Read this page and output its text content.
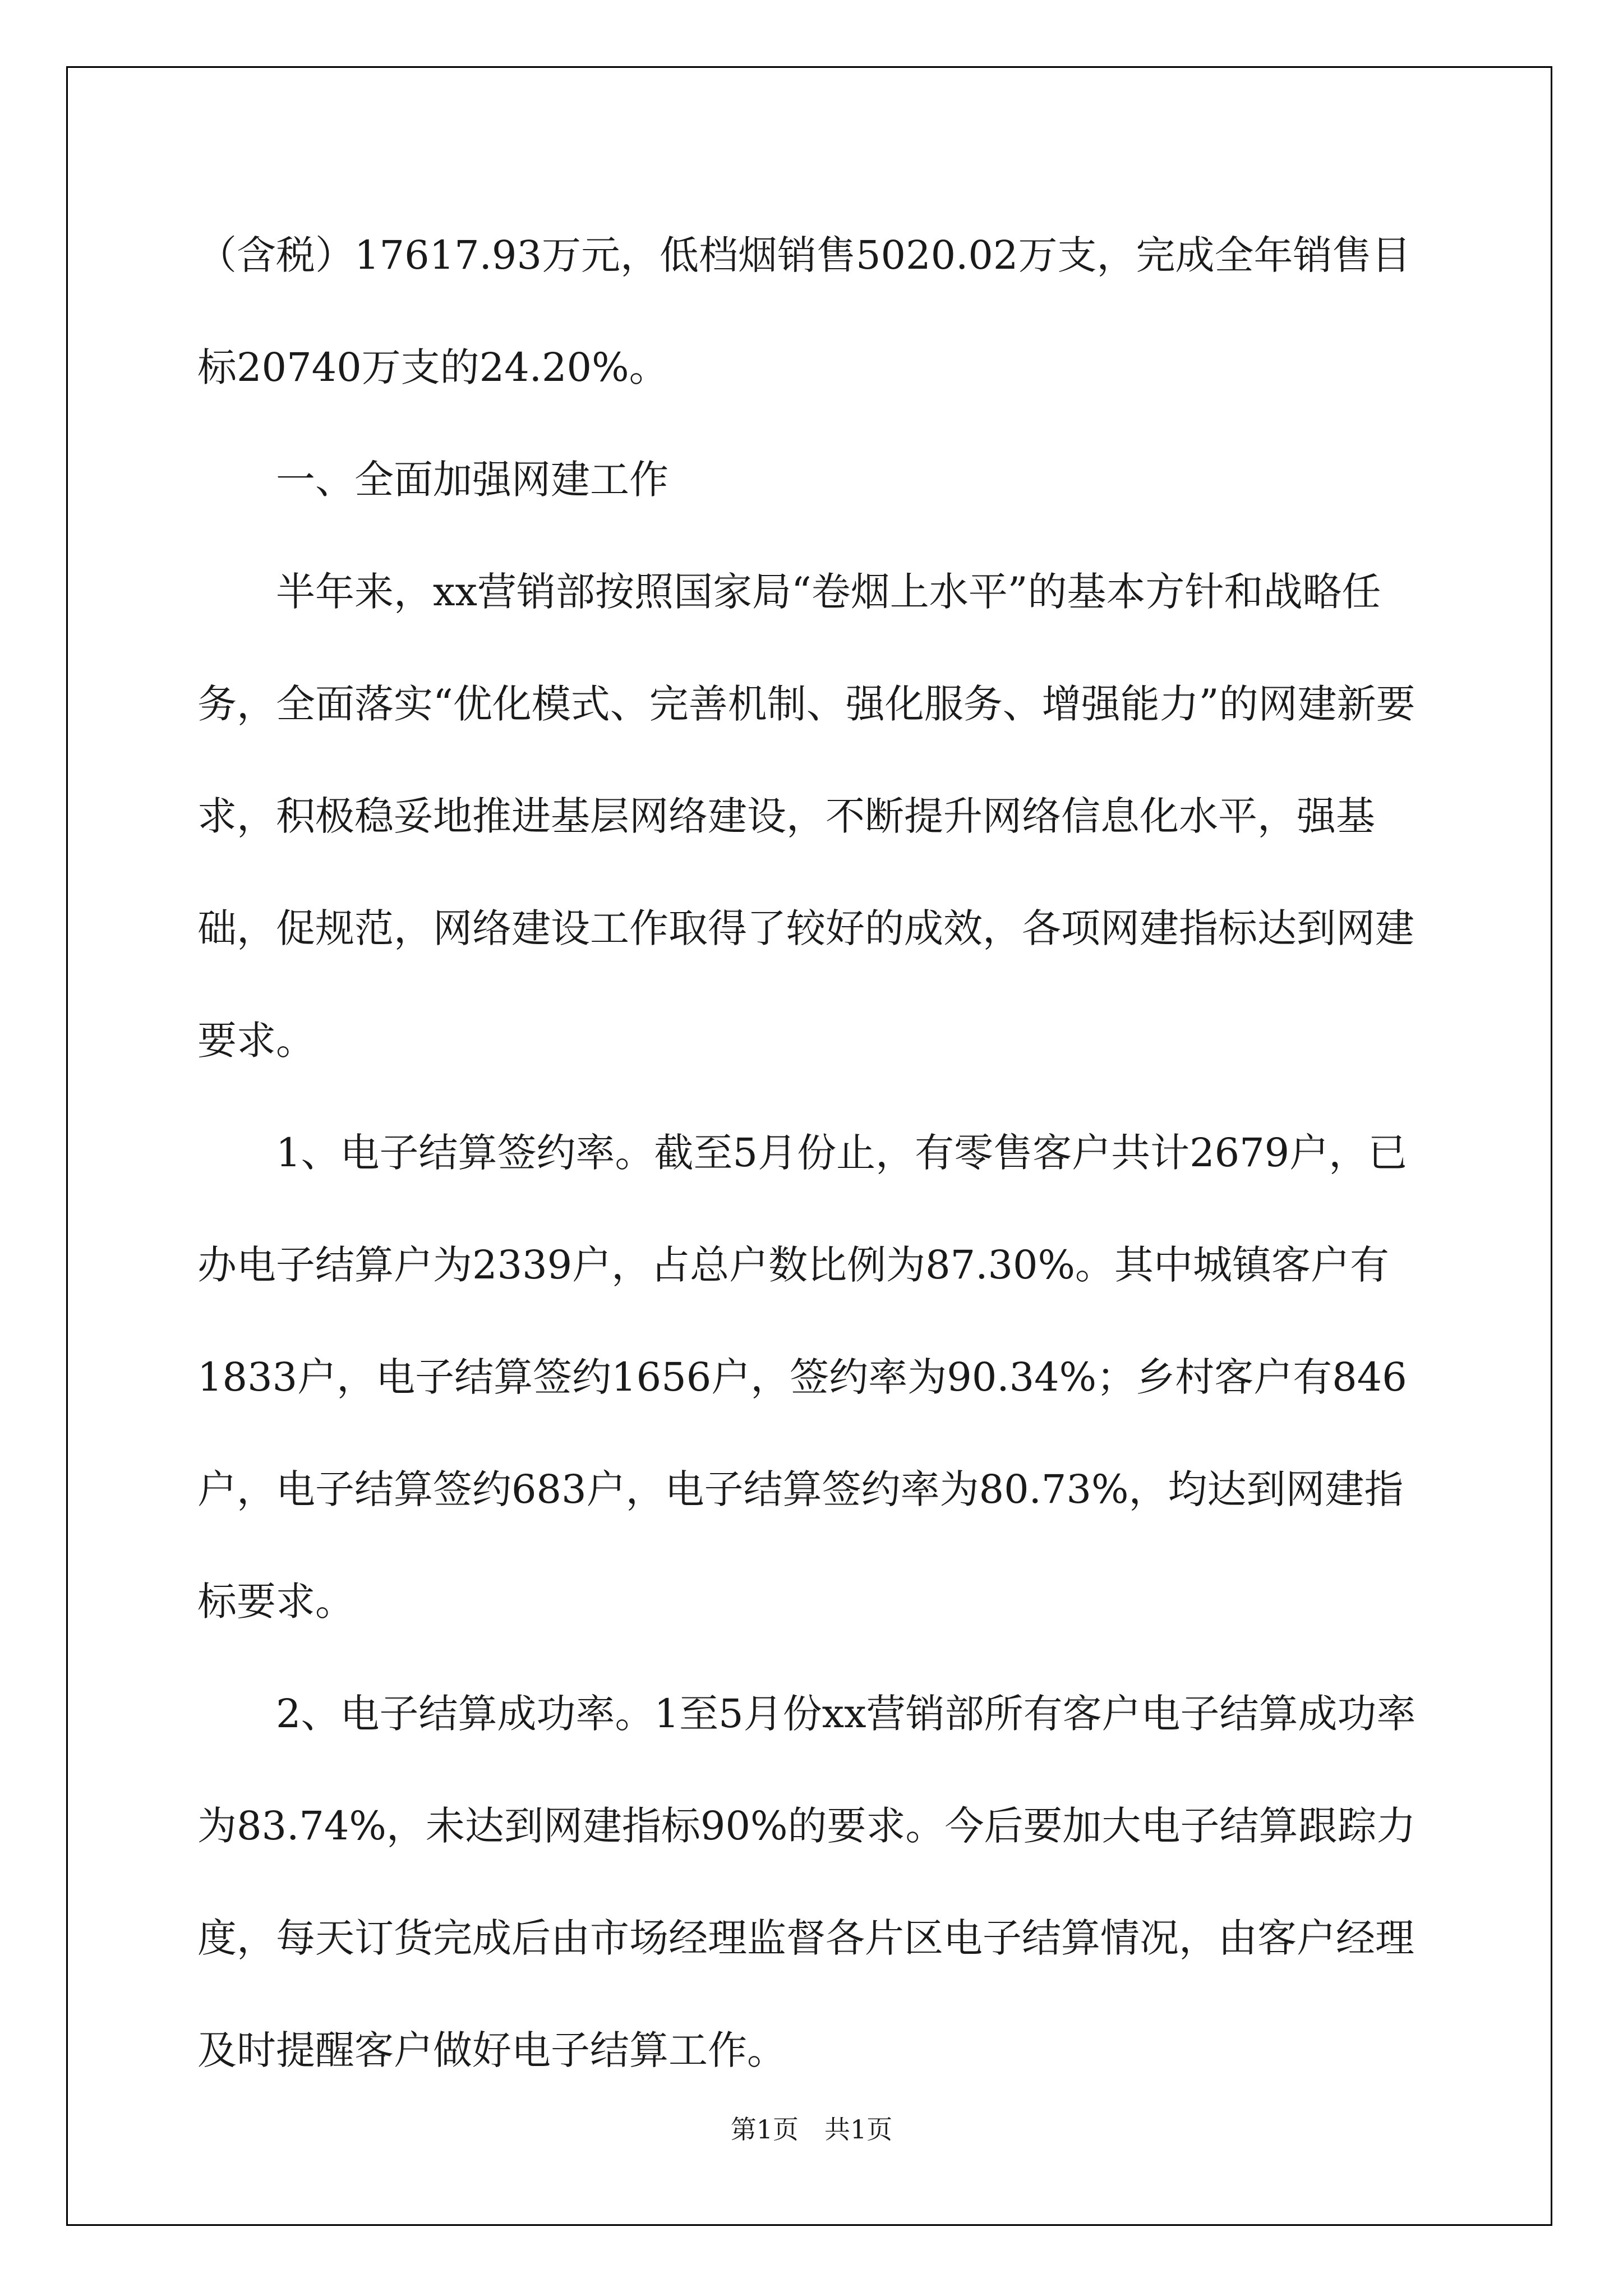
（含税）17617.93万元，低档烟销售5020.02万支，完成全年销售目标20740万支的24.20%。

一、全面加强网建工作

半年来，xx营销部按照国家局“卷烟上水平”的基本方针和战略任务，全面落实“优化模式、完善机制、强化服务、增强能力”的网建新要求，积极稳妥地推进基层网络建设，不断提升网络信息化水平，强基础，促规范，网络建设工作取得了较好的成效，各项网建指标达到网建要求。

1、电子结算签约率。截至5月份止，有零售客户共计2679户，已办电子结算户为2339户，占总户数比例为87.30%。其中城镇客户有1833户，电子结算签约1656户，签约率为90.34%；乡村客户有846户，电子结算签约683户，电子结算签约率为80.73%，均达到网建指标要求。

2、电子结算成功率。1至5月份xx营销部所有客户电子结算成功率为83.74%，未达到网建指标90%的要求。今后要加大电子结算跟踪力度，每天订货完成后由市场经理监督各片区电子结算情况，由客户经理及时提醒客户做好电子结算工作。

第1页　共1页
